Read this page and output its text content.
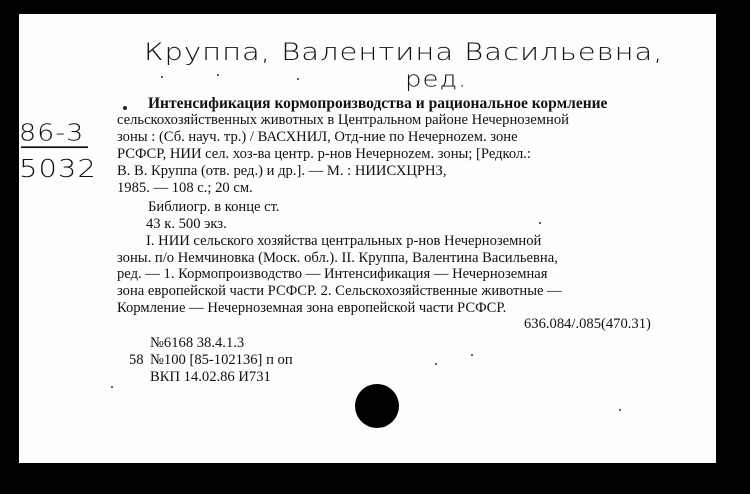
Круппа, Валентина Васильевна,
ред.
86-3
5032
Интенсификация кормопроизводства и рациональное кормление
сельскохозяйственных животных в Центральном районе Нечерноземной
зоны : (Сб. науч. тр.) / ВАСХНИЛ, Отд-ние по Нечерноzем. зоне
РСФСР, НИИ сел. хоз-ва центр. р-нов Нечерноzем. зоны; [Редкол.:
В. В. Круппа (отв. ред.) и др.]. — М. : НИИСХЦРНЗ,
1985. — 108 с.; 20 см.
Библиогр. в конце ст.
43 к. 500 экз.
I. НИИ сельского хозяйства центральных р-нов Нечерноземной
зоны. п/о Немчиновка (Моск. обл.). II. Круппа, Валентина Васильевна,
ред. — 1. Кормопроизводство — Интенсификация — Нечерноземная
зона европейской части РСФСР. 2. Сельскохозяйственные животные —
Кормление — Нечерноземная зона европейской части РСФСР.
636.084/.085(470.31)
№6168 38.4.1.3
58 №100 [85-102136] п оп
ВКП 14.02.86 И731
